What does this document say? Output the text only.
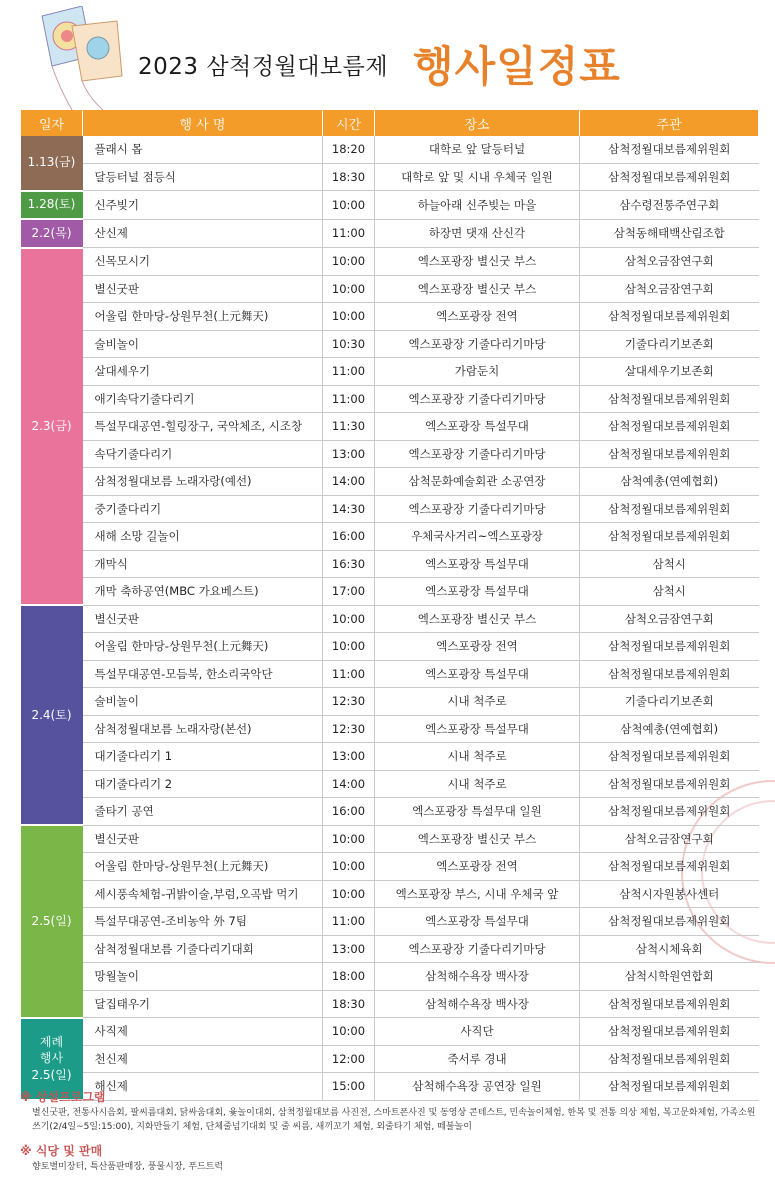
2023 삼척정월대보름제 행사일정표
일자	행 사 명	시간	장소	주관
1.13(금)	플래시 몹	18:20	대학로 앞 달등터널	삼척정월대보름제위원회
	달등터널 점등식	18:30	대학로 앞 및 시내 우체국 일원	삼척정월대보름제위원회
1.28(토)	신주빚기	10:00	하늘아래 신주빚는 마을	삼수령전통주연구회
2.2(목)	산신제	11:00	하장면 댓재 산신각	삼척동해태백산림조합
2.3(금)	신목모시기	10:00	엑스포광장 별신굿 부스	삼척오금잠연구회
	별신굿판	10:00	엑스포광장 별신굿 부스	삼척오금잠연구회
	어울림 한마당-상원무천(上元舞天)	10:00	엑스포광장 전역	삼척정월대보름제위원회
	술비놀이	10:30	엑스포광장 기줄다리기마당	기줄다리기보존회
	살대세우기	11:00	가람둔치	살대세우기보존회
	애기속닥기줄다리기	11:00	엑스포광장 기줄다리기마당	삼척정월대보름제위원회
	특설무대공연-힐링장구, 국악체조, 시조창	11:30	엑스포광장 특설무대	삼척정월대보름제위원회
	속닥기줄다리기	13:00	엑스포광장 기줄다리기마당	삼척정월대보름제위원회
	삼척정월대보름 노래자랑(예선)	14:00	삼척문화예술회관 소공연장	삼척예총(연예협회)
	중기줄다리기	14:30	엑스포광장 기줄다리기마당	삼척정월대보름제위원회
	새해 소망 길놀이	16:00	우체국사거리~엑스포광장	삼척정월대보름제위원회
	개막식	16:30	엑스포광장 특설무대	삼척시
	개막 축하공연(MBC 가요베스트)	17:00	엑스포광장 특설무대	삼척시
2.4(토)	별신굿판	10:00	엑스포광장 별신굿 부스	삼척오금잠연구회
	어울림 한마당-상원무천(上元舞天)	10:00	엑스포광장 전역	삼척정월대보름제위원회
	특설무대공연-모듬북, 한소리국악단	11:00	엑스포광장 특설무대	삼척정월대보름제위원회
	술비놀이	12:30	시내 척주로	기줄다리기보존회
	삼척정월대보름 노래자랑(본선)	12:30	엑스포광장 특설무대	삼척예총(연예협회)
	대기줄다리기 1	13:00	시내 척주로	삼척정월대보름제위원회
	대기줄다리기 2	14:00	시내 척주로	삼척정월대보름제위원회
	줄타기 공연	16:00	엑스포광장 특설무대 일원	삼척정월대보름제위원회
2.5(일)	별신굿판	10:00	엑스포광장 별신굿 부스	삼척오금잠연구회
	어울림 한마당-상원무천(上元舞天)	10:00	엑스포광장 전역	삼척정월대보름제위원회
	세시풍속체험-귀밝이술,부럼,오곡밥 먹기	10:00	엑스포광장 부스, 시내 우체국 앞	삼척시자원봉사센터
	특설무대공연-조비농악 外 7팀	11:00	엑스포광장 특설무대	삼척정월대보름제위원회
	삼척정월대보름 기줄다리기대회	13:00	엑스포광장 기줄다리기마당	삼척시체육회
	망월놀이	18:00	삼척해수욕장 백사장	삼척시학원연합회
	달집태우기	18:30	삼척해수욕장 백사장	삼척정월대보름제위원회
제례
행사
2.5(일)	사직제	10:00	사직단	삼척정월대보름제위원회
	천신제	12:00	죽서루 경내	삼척정월대보름제위원회
	해신제	15:00	삼척해수욕장 공연장 일원	삼척정월대보름제위원회

※ 상설프로그램

별신굿판, 전통사시음회, 팔씨름대회, 닭싸움대회, 윷놀이대회, 삼척정월대보름 사진전, 스마트폰사진 및 동영상 콘테스트, 민속놀이체험, 한복 및 전통 의상 체험, 복고문화체험, 가족소원쓰기(2/4일~5일:15:00), 지화만들기 체험, 단체줄넘기대회 및 줄 씨름, 새끼꼬기 체험, 외줄타기 체험, 떼불놀이

※ 식당 및 판매

향토별미장터, 특산품판매장, 풍물시장, 푸드트럭
